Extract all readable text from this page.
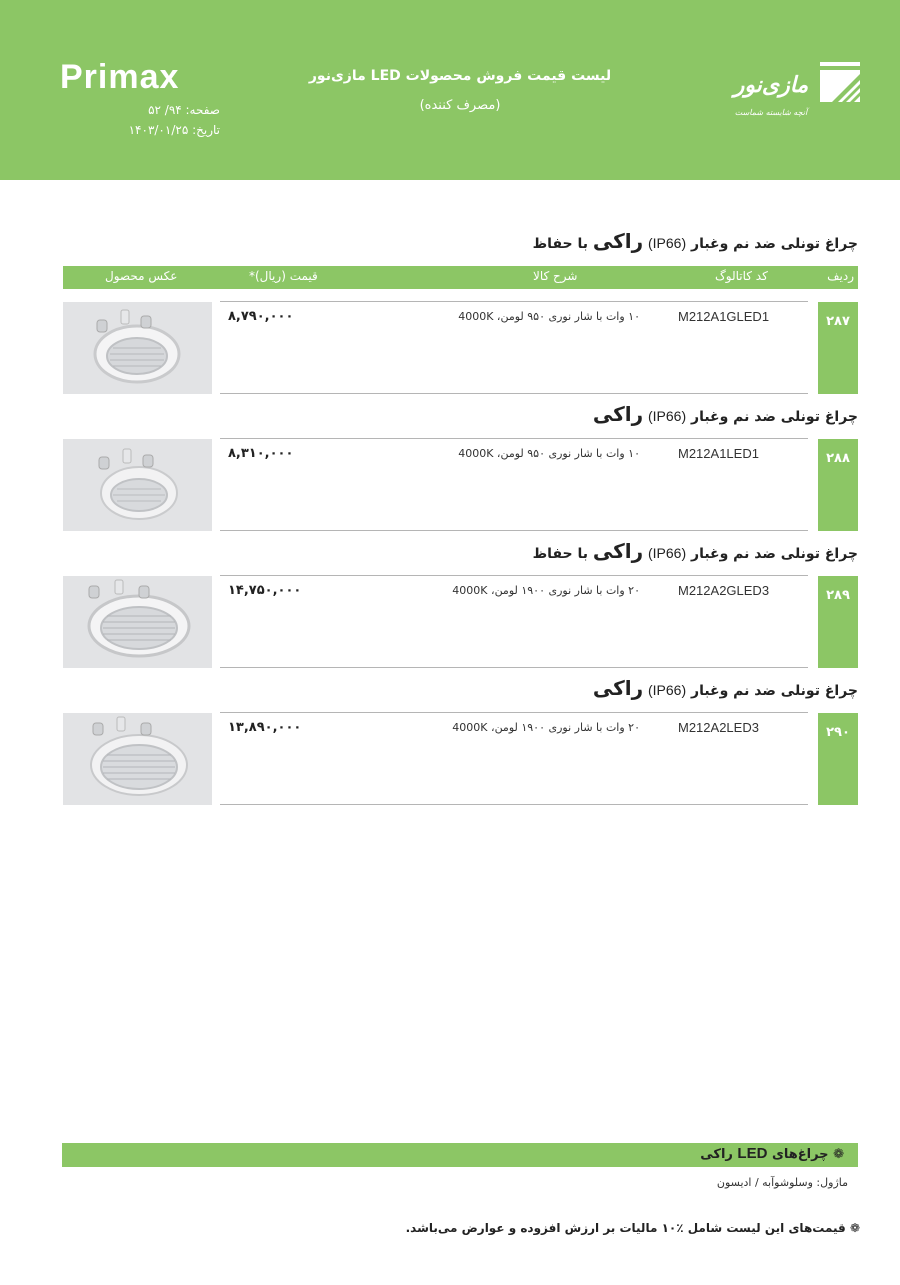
Primax
صفحه: ۹۴/ ۵۲
تاریخ: ۱۴۰۳/۰۱/۲۵
لیست قیمت فروش محصولات LED مازی‌نور
(مصرف کننده)
مازی‌نور
آنچه شایسته شماست
ردیف
کد کاتالوگ
شرح کالا
قیمت (ریال)*
عکس محصول
چراغ تونلی ضد نم وغبار (IP66) راکی با حفاظ
۲۸۷
M212A1GLED1
۱۰ وات با شار نوری ۹۵۰ لومن، 4000K
۸,۷۹۰,۰۰۰
چراغ تونلی ضد نم وغبار (IP66) راکی
۲۸۸
M212A1LED1
۱۰ وات با شار نوری ۹۵۰ لومن، 4000K
۸,۳۱۰,۰۰۰
چراغ تونلی ضد نم وغبار (IP66) راکی با حفاظ
۲۸۹
M212A2GLED3
۲۰ وات با شار نوری ۱۹۰۰ لومن، 4000K
۱۴,۷۵۰,۰۰۰
چراغ تونلی ضد نم وغبار (IP66) راکی
۲۹۰
M212A2LED3
۲۰ وات با شار نوری ۱۹۰۰ لومن، 4000K
۱۳,۸۹۰,۰۰۰
❁ چراغ‌های LED راکی
ماژول: وسلوشوآبه / ادیسون
❁ قیمت‌های این لیست شامل ٪۱۰ مالیات بر ارزش افزوده و عوارض می‌باشد.
